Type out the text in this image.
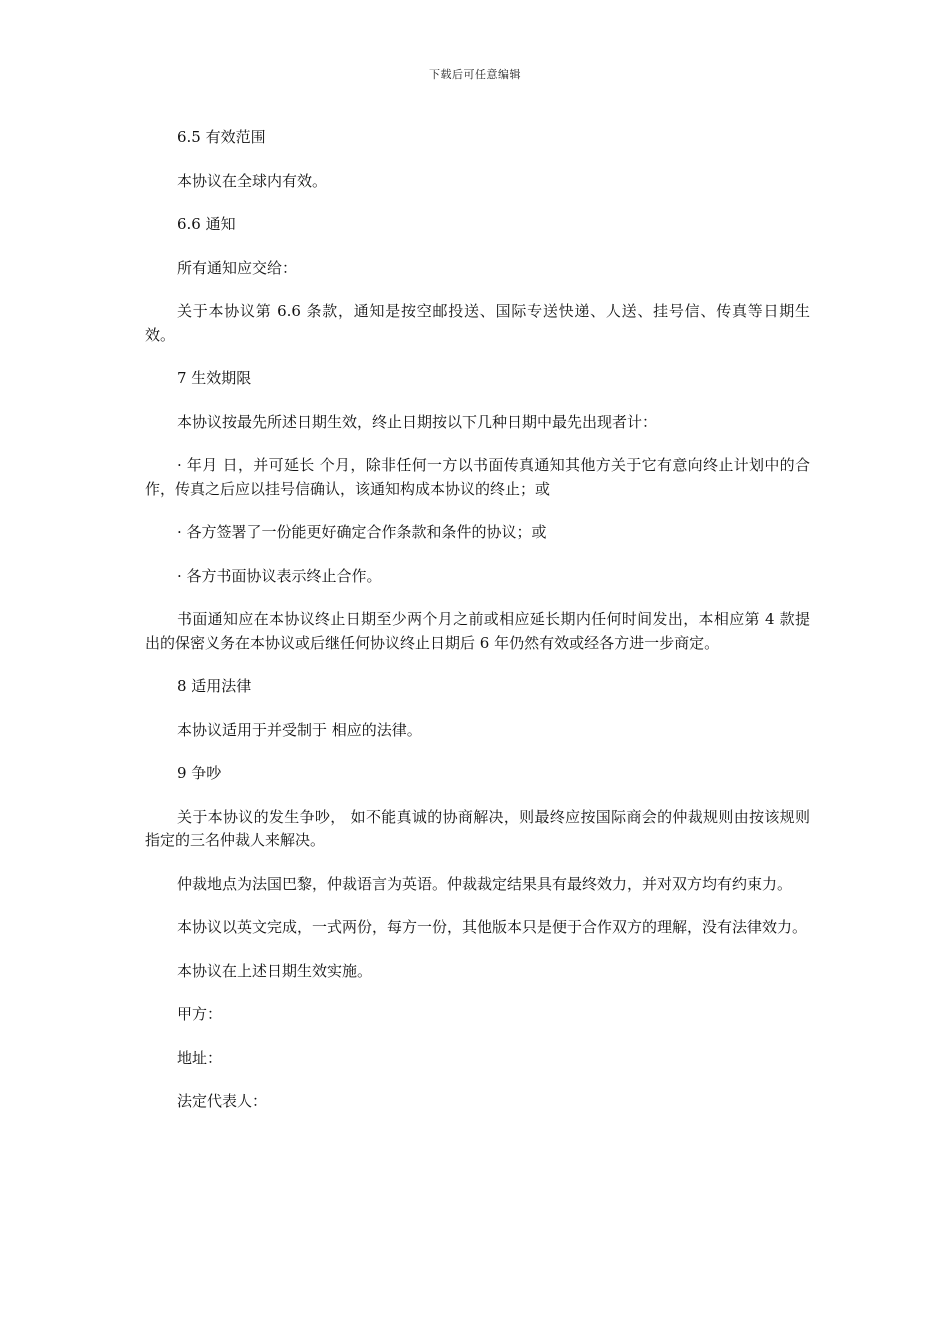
下载后可任意编辑

6.5 有效范围

本协议在全球内有效。

6.6 通知

所有通知应交给：

关于本协议第 6.6 条款，通知是按空邮投送、国际专送快递、人送、挂号信、传真等日期生效。

7 生效期限

本协议按最先所述日期生效，终止日期按以下几种日期中最先出现者计：

· 年月 日，并可延长 个月，除非任何一方以书面传真通知其他方关于它有意向终止计划中的合作，传真之后应以挂号信确认，该通知构成本协议的终止；或

· 各方签署了一份能更好确定合作条款和条件的协议；或

· 各方书面协议表示终止合作。

书面通知应在本协议终止日期至少两个月之前或相应延长期内任何时间发出，本相应第 4 款提出的保密义务在本协议或后继任何协议终止日期后 6 年仍然有效或经各方进一步商定。

8 适用法律

本协议适用于并受制于 相应的法律。

9 争吵

关于本协议的发生争吵， 如不能真诚的协商解决，则最终应按国际商会的仲裁规则由按该规则指定的三名仲裁人来解决。

仲裁地点为法国巴黎，仲裁语言为英语。仲裁裁定结果具有最终效力，并对双方均有约束力。

本协议以英文完成，一式两份，每方一份，其他版本只是便于合作双方的理解，没有法律效力。

本协议在上述日期生效实施。

甲方：

地址：

法定代表人：
